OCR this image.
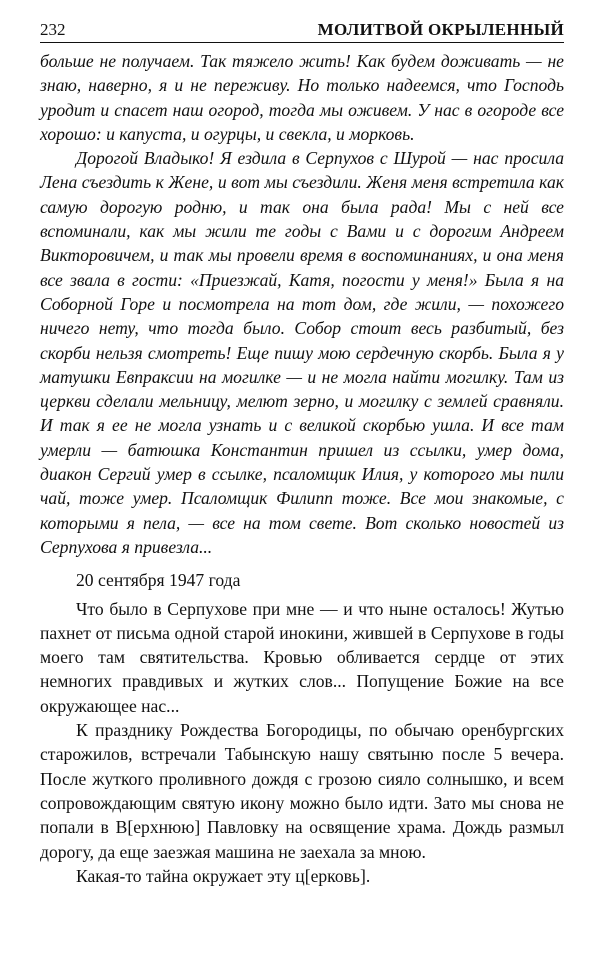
232	МОЛИТВОЙ ОКРЫЛЕННЫЙ

больше не получаем. Так тяжело жить! Как будем доживать — не знаю, наверно, я и не переживу. Но только надеемся, что Господь уродит и спасет наш огород, тогда мы оживем. У нас в огороде все хорошо: и капуста, и огурцы, и свекла, и морковь.

Дорогой Владыко! Я ездила в Серпухов с Шурой — нас просила Лена съездить к Жене, и вот мы съездили. Женя меня встретила как самую дорогую родню, и так она была рада! Мы с ней все вспоминали, как мы жили те годы с Вами и с дорогим Андреем Викторовичем, и так мы провели время в воспоминаниях, и она меня все звала в гости: «Приезжай, Катя, погости у меня!» Была я на Соборной Горе и посмотрела на тот дом, где жили, — похожего ничего нету, что тогда было. Собор стоит весь разбитый, без скорби нельзя смотреть! Еще пишу мою сердечную скорбь. Была я у матушки Евпраксии на могилке — и не могла найти могилку. Там из церкви сделали мельницу, мелют зерно, и могилку с землей сравняли. И так я ее не могла узнать и с великой скорбью ушла. И все там умерли — батюшка Константин пришел из ссылки, умер дома, диакон Сергий умер в ссылке, псаломщик Илия, у которого мы пили чай, тоже умер. Псаломщик Филипп тоже. Все мои знакомые, с которыми я пела, — все на том свете. Вот сколько новостей из Серпухова я привезла...

20 сентября 1947 года

Что было в Серпухове при мне — и что ныне осталось! Жутью пахнет от письма одной старой инокини, жившей в Серпухове в годы моего там святительства. Кровью обливается сердце от этих немногих правдивых и жутких слов... Попущение Божие на все окружающее нас...

К празднику Рождества Богородицы, по обычаю оренбургских старожилов, встречали Табынскую нашу святыню после 5 вечера. После жуткого проливного дождя с грозою сияло солнышко, и всем сопровождающим святую икону можно было идти. Зато мы снова не попали в В[ерхнюю] Павловку на освящение храма. Дождь размыл дорогу, да еще заезжая машина не заехала за мною.

Какая-то тайна окружает эту ц[ерковь].
